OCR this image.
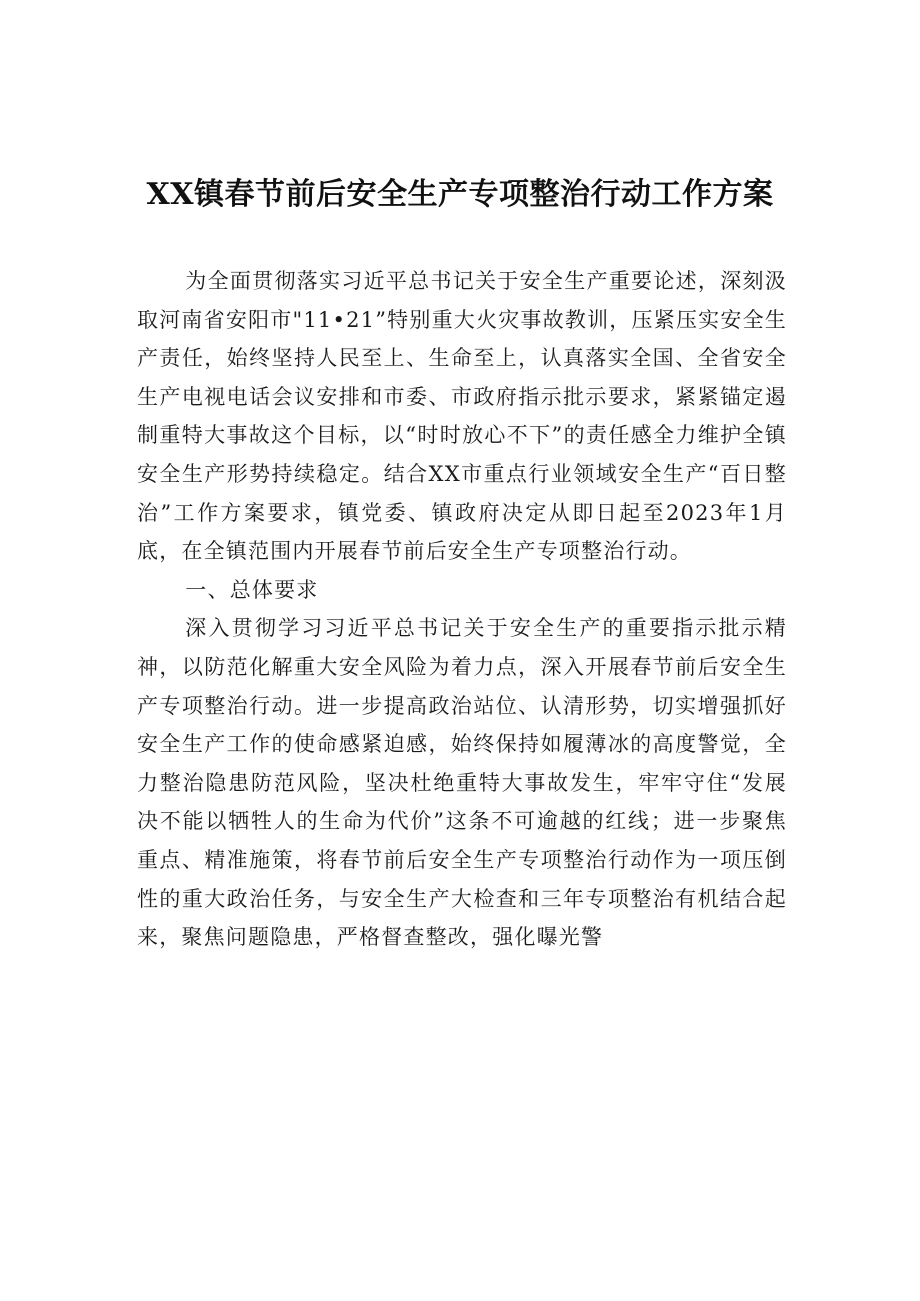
XX镇春节前后安全生产专项整治行动工作方案

为全面贯彻落实习近平总书记关于安全生产重要论述，深刻汲取河南省安阳市"11•21”特别重大火灾事故教训，压紧压实安全生产责任，始终坚持人民至上、生命至上，认真落实全国、全省安全生产电视电话会议安排和市委、市政府指示批示要求，紧紧锚定遏制重特大事故这个目标，以“时时放心不下”的责任感全力维护全镇安全生产形势持续稳定。结合XX市重点行业领域安全生产“百日整治”工作方案要求，镇党委、镇政府决定从即日起至2023年1月底，在全镇范围内开展春节前后安全生产专项整治行动。

一、总体要求

深入贯彻学习习近平总书记关于安全生产的重要指示批示精神，以防范化解重大安全风险为着力点，深入开展春节前后安全生产专项整治行动。进一步提高政治站位、认清形势，切实增强抓好安全生产工作的使命感紧迫感，始终保持如履薄冰的高度警觉，全力整治隐患防范风险，坚决杜绝重特大事故发生，牢牢守住“发展决不能以牺牲人的生命为代价”这条不可逾越的红线；进一步聚焦重点、精准施策，将春节前后安全生产专项整治行动作为一项压倒性的重大政治任务，与安全生产大检查和三年专项整治有机结合起来，聚焦问题隐患，严格督查整改，强化曝光警
